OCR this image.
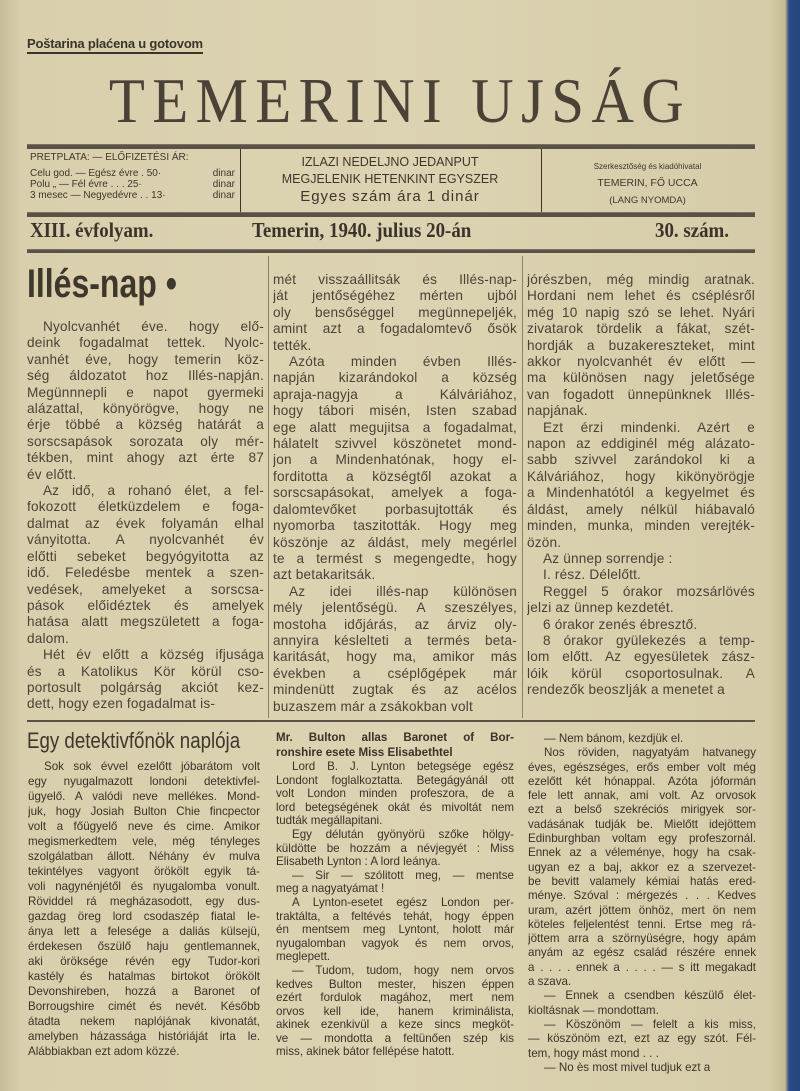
Poštarina plaćena u gotovom
TEMERINI UJSÁG
PRETPLATA: — ELŐFIZETÉSI ÁR:
Celu god. — Egész évre . 50·	dinar
Polu „ — Fél évre . . . 25·	dinar
3 mesec — Negyedévre . . 13·	dinar
IZLAZI NEDELJNO JEDANPUT
MEGJELENIK HETENKINT EGYSZER
Egyes szám ára 1 dinár
Szerkesztőség és kiadóhivatal
TEMERIN, FŐ UCCA
(LANG NYOMDA)
XIII. évfolyam.	Temerin, 1940. julius 20-án	30. szám.
Illés-nap •
Nyolcvanhét éve. hogy elő-
deink fogadalmat tettek. Nyolc-
vanhét éve, hogy temerin köz-
ség áldozatot hoz Illés-napján.
Megünnnepli e napot gyermeki
alázattal, könyörögve, hogy ne
érje többé a község határát a
sorscsapások sorozata oly mér-
tékben, mint ahogy azt érte 87
év előtt.
Az idő, a rohanó élet, a fel-
fokozott életküzdelem e foga-
dalmat az évek folyamán elhal
ványitotta. A nyolcvanhét év
előtti sebeket begyógyitotta az
idő. Feledésbe mentek a szen-
vedések, amelyeket a sorscsa-
pások előidéztek és amelyek
hatása alatt megszületett a foga-
dalom.
Hét év előtt a község ifjusága
és a Katolikus Kör körül cso-
portosult polgárság akciót kez-
dett, hogy ezen fogadalmat is-
mét visszaállitsák és Illés-nap-
ját jentőségéhez mérten ujból
oly bensőséggel megünnepeljék,
amint azt a fogadalomtevő ősök
tették.
Azóta minden évben Illés-
napján kizarándokol a község
apraja-nagyja a Kálváriához,
hogy tábori misén, Isten szabad
ege alatt megujitsa a fogadalmat,
hálatelt szivvel köszönetet mond-
jon a Mindenhatónak, hogy el-
forditotta a községtől azokat a
sorscsapásokat, amelyek a foga-
dalomtevőket porbasujtották és
nyomorba taszitották. Hogy meg
köszönje az áldást, mely megérlel
te a termést s megengedte, hogy
azt betakaritsák.
Az idei illés-nap különösen
mély jelentőségü. A szeszélyes,
mostoha időjárás, az árviz oly-
annyira késlelteti a termés beta-
karitását, hogy ma, amikor más
években a cséplőgépek már
mindenütt zugtak és az acélos
buzaszem már a zsákokban volt
jórészben, még mindig aratnak.
Hordani nem lehet és cséplésről
még 10 napig szó se lehet. Nyári
zivatarok tördelik a fákat, szét-
hordják a buzakereszteket, mint
akkor nyolcvanhét év előtt —
ma különösen nagy jeletősége
van fogadott ünnepünknek Illés-
napjának.
Ezt érzi mindenki. Azért e
napon az eddiginél még alázato-
sabb szivvel zarándokol ki a
Kálváriához, hogy kikönyörögje
a Mindenhatótól a kegyelmet és
áldást, amely nélkül hiábavaló
minden, munka, minden verejték-
özön.
Az ünnep sorrendje :
I. rész. Délelőtt.
Reggel 5 órakor mozsárlövés
jelzi az ünnep kezdetét.
6 órakor zenés ébresztő.
8 órakor gyülekezés a temp-
lom előtt. Az egyesületek zász-
lóik körül csoportosulnak. A
rendezők beoszlják a menetet a
Egy detektivfőnök naplója
Sok sok évvel ezelőtt jóbarátom volt
egy nyugalmazott londoni detektivfel-
ügyelő. A valódi neve mellékes. Mond-
juk, hogy Josiah Bulton Chie fincpector
volt a főügyelő neve és cime. Amikor
megismerkedtem vele, még tényleges
szolgálatban állott. Néhány év mulva
tekintélyes vagyont örökölt egyik tá-
voli nagynénjétől és nyugalomba vonult.
Röviddel rá megházasodott, egy dus-
gazdag öreg lord csodaszép fiatal le-
ánya lett a felesége a daliás külsejü,
érdekesen őszülő haju gentlemannek,
aki öröksége révén egy Tudor-kori
kastély és hatalmas birtokot örökölt
Devonshireben, hozzá a Baronet of
Borrougshire cimét és nevét. Később
átadta nekem naplójának kivonatát,
amelyben házassága históriáját irta le.
Alábbiakban ezt adom közzé.
Mr. Bulton allas Baronet of Bor-
ronshire esete Miss Elisabethtel
Lord B. J. Lynton betegsége egész
Londont foglalkoztatta. Betegágyánál ott
volt London minden profeszora, de a
lord betegségének okát és mivoltát nem
tudták megállapitani.
Egy délután gyönyörü szőke hölgy-
küldötte be hozzám a névjegyét : Miss
Elisabeth Lynton : A lord leánya.
— Sir — szólitott meg, — mentse
meg a nagyatyámat !
A Lynton-esetet egész London per-
traktálta, a feltévés tehát, hogy éppen
én mentsem meg Lyntont, holott már
nyugalomban vagyok és nem orvos,
meglepett.
— Tudom, tudom, hogy nem orvos
kedves Bulton mester, hiszen éppen
ezért fordulok magához, mert nem
orvos kell ide, hanem kriminálista,
akinek ezenkivül a keze sincs megköt-
ve — mondotta a feltünően szép kis
miss, akinek bátor fellépése hatott.
— Nem bánom, kezdjük el.
Nos röviden, nagyatyám hatvanegy
éves, egészséges, erős ember volt még
ezelőtt két hónappal. Azóta jóformán
fele lett annak, ami volt. Az orvosok
ezt a belső szekréciós mirigyek sor-
vadásának tudják be. Mielőtt idejöttem
Edinburghban voltam egy profeszornál.
Ennek az a véleménye, hogy ha csak-
ugyan ez a baj, akkor ez a szervezet-
be bevitt valamely kémiai hatás ered-
ménye. Szóval : mérgezés . . . Kedves
uram, azért jöttem önhöz, mert ön nem
köteles feljelentést tenni. Ertse meg rá-
jöttem arra a szörnyüségre, hogy apám
anyám az egész család részére ennek
a . . . . ennek a . . . . — s itt megakadt
a szava.
— Ennek a csendben készülő élet-
kioltásnak — mondottam.
— Köszönöm — felelt a kis miss,
— köszönöm ezt, ezt az egy szót. Fél-
tem, hogy mást mond . . .
— No ès most mivel tudjuk ezt a
